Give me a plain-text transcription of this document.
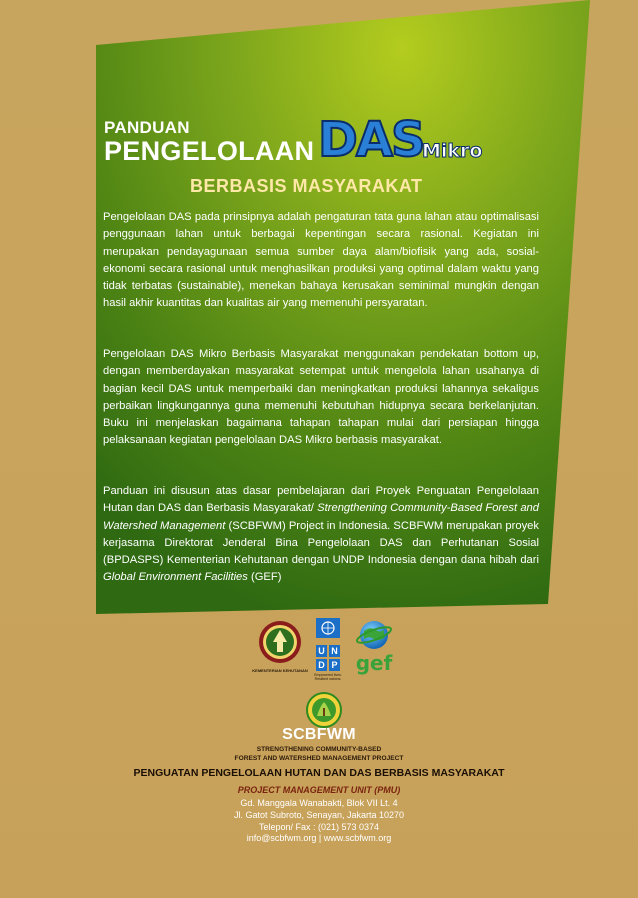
PANDUAN
PENGELOLAAN DAS
Mikro
BERBASIS MASYARAKAT

Pengelolaan DAS pada prinsipnya adalah pengaturan tata guna lahan atau optimalisasi penggunaan lahan untuk berbagai kepentingan secara rasional. Kegiatan ini merupakan pendayagunaan semua sumber daya alam/biofisik yang ada, sosial-ekonomi secara rasional untuk menghasilkan produksi yang optimal dalam waktu yang tidak terbatas (sustainable), menekan bahaya kerusakan seminimal mungkin dengan hasil akhir kuantitas dan kualitas air yang memenuhi persyaratan.

Pengelolaan DAS Mikro Berbasis Masyarakat menggunakan pendekatan bottom up, dengan memberdayakan masyarakat setempat untuk mengelola lahan usahanya di bagian kecil DAS untuk memperbaiki dan meningkatkan produksi lahannya sekaligus perbaikan lingkungannya guna memenuhi kebutuhan hidupnya secara berkelanjutan. Buku ini menjelaskan bagaimana tahapan tahapan mulai dari persiapan hingga pelaksanaan kegiatan pengelolaan DAS Mikro berbasis masyarakat.

Panduan ini disusun atas dasar pembelajaran dari Proyek Penguatan Pengelolaan Hutan dan DAS dan Berbasis Masyarakat/ Strengthening Community-Based Forest and Watershed Management (SCBFWM) Project in Indonesia. SCBFWM merupakan proyek kerjasama Direktorat Jenderal Bina Pengelolaan DAS dan Perhutanan Sosial (BPDASPS) Kementerian Kehutanan dengan UNDP Indonesia dengan dana hibah dari Global Environment Facilities (GEF)

KEMENTERIAN KEHUTANAN
U N
D P
Empowered lives. Resilient nations.
gef
SCBFWM
STRENGTHENING COMMUNITY-BASED
FOREST AND WATERSHED MANAGEMENT PROJECT
PENGUATAN PENGELOLAAN HUTAN DAN DAS BERBASIS MASYARAKAT
PROJECT MANAGEMENT UNIT (PMU)
Gd. Manggala Wanabakti, Blok VII Lt. 4
Jl. Gatot Subroto, Senayan, Jakarta 10270
Telepon/ Fax : (021) 573 0374
info@scbfwm.org | www.scbfwm.org
